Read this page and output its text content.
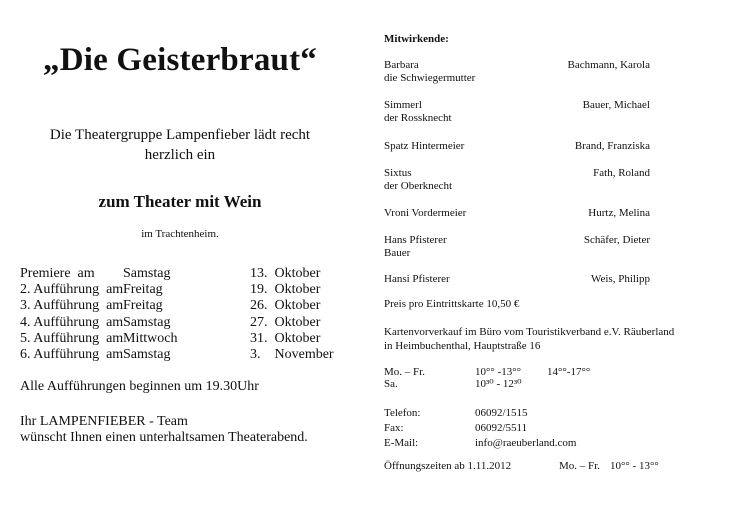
„Die Geisterbraut“
Die Theatergruppe Lampenfieber lädt recht
herzlich ein
zum Theater mit Wein
im Trachtenheim.
Premiere  am Samstag	13.  Oktober
2. Aufführung  am Freitag	19.  Oktober
3. Aufführung  am Freitag	26.  Oktober
4. Aufführung  am Samstag	27.  Oktober
5. Aufführung  am Mittwoch	31.  Oktober
6. Aufführung  am Samstag	3.    November
Alle Aufführungen beginnen um 19.30Uhr
Ihr LAMPENFIEBER - Team
wünscht Ihnen einen unterhaltsamen Theaterabend.
Mitwirkende:
Barbara	Bachmann, Karola
die Schwiegermutter
Simmerl	Bauer, Michael
der Rossknecht
Spatz Hintermeier	Brand, Franziska
Sixtus	Fath, Roland
der Oberknecht
Vroni Vordermeier	Hurtz, Melina
Hans Pfisterer	Schäfer, Dieter
Bauer
Hansi Pfisterer	Weis, Philipp
Preis pro Eintrittskarte 10,50 €
Kartenvorverkauf im Büro vom Touristikverband e.V. Räuberland
in Heimbuchenthal, Hauptstraße 16
Mo. – Fr.	10°° -13°° 14°°-17°°
Sa.	10³⁰ - 12³⁰
Telefon:	06092/1515
Fax:	06092/5511
E-Mail:	info@raeuberland.com
Öffnungszeiten ab 1.11.2012	Mo. – Fr. 10°° - 13°°
